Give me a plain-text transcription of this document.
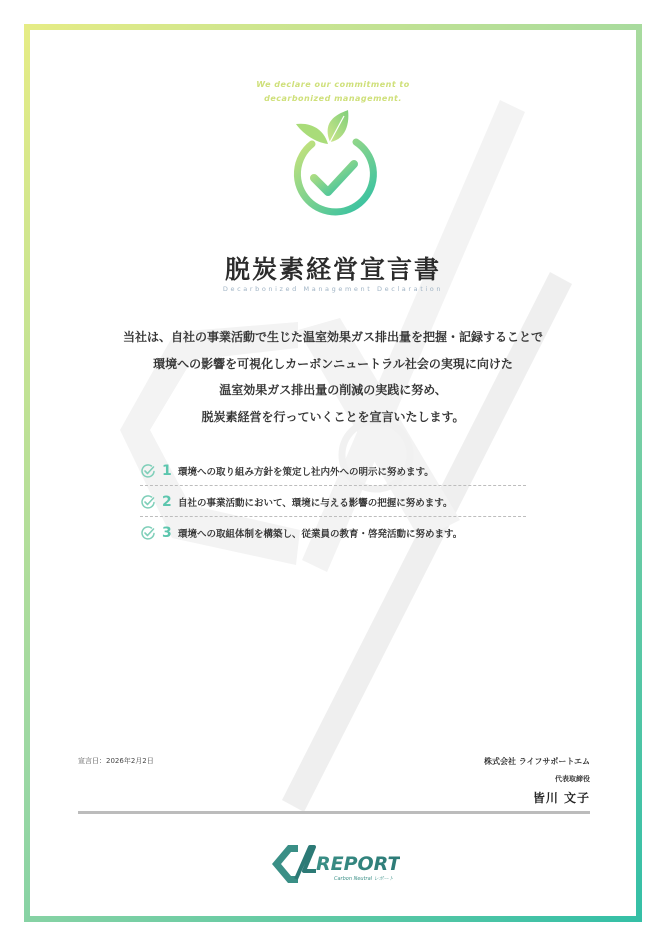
We declare our commitment to
decarbonized management.
脱炭素経営宣言書
Decarbonized Management Declaration

当社は、自社の事業活動で生じた温室効果ガス排出量を把握・記録することで

環境への影響を可視化しカーボンニュートラル社会の実現に向けた

温室効果ガス排出量の削減の実践に努め、

脱炭素経営を行っていくことを宣言いたします。

1 環境への取り組み方針を策定し社内外への明示に努めます。
2 自社の事業活動において、環境に与える影響の把握に努めます。
3 環境への取組体制を構築し、従業員の教育・啓発活動に努めます。
宣言日：2026年2月2日	株式会社 ライフサポートエム
代表取締役
皆川 文子
REPORT
Carbon Neutral レポート
